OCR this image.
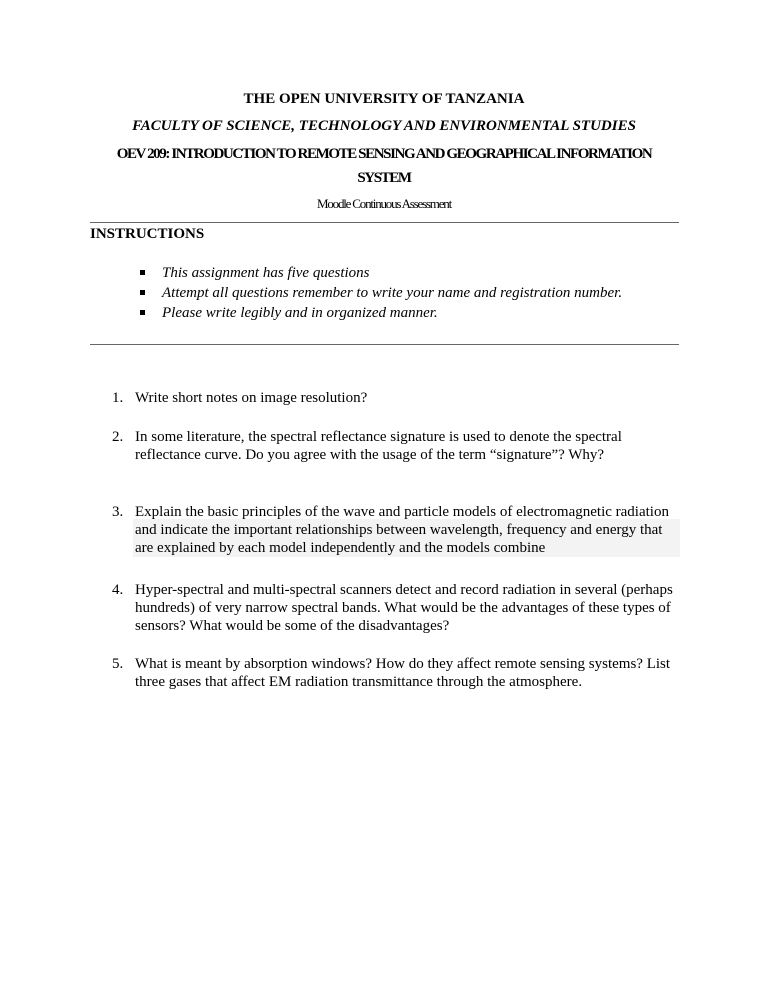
THE OPEN UNIVERSITY OF TANZANIA
FACULTY OF SCIENCE, TECHNOLOGY AND ENVIRONMENTAL STUDIES
OEV 209: INTRODUCTION TO REMOTE SENSING AND GEOGRAPHICAL INFORMATION
SYSTEM
Moodle Continuous Assessment
INSTRUCTIONS
This assignment has five questions
Attempt all questions remember to write your name and registration number.
Please write legibly and in organized manner.
1. Write short notes on image resolution?
2. In some literature, the spectral reflectance signature is used to denote the spectral
reflectance curve. Do you agree with the usage of the term “signature”? Why?
3. Explain the basic principles of the wave and particle models of electromagnetic radiation
and indicate the important relationships between wavelength, frequency and energy that
are explained by each model independently and the models combine
4. Hyper-spectral and multi-spectral scanners detect and record radiation in several (perhaps
hundreds) of very narrow spectral bands. What would be the advantages of these types of
sensors? What would be some of the disadvantages?
5. What is meant by absorption windows? How do they affect remote sensing systems? List
three gases that affect EM radiation transmittance through the atmosphere.
